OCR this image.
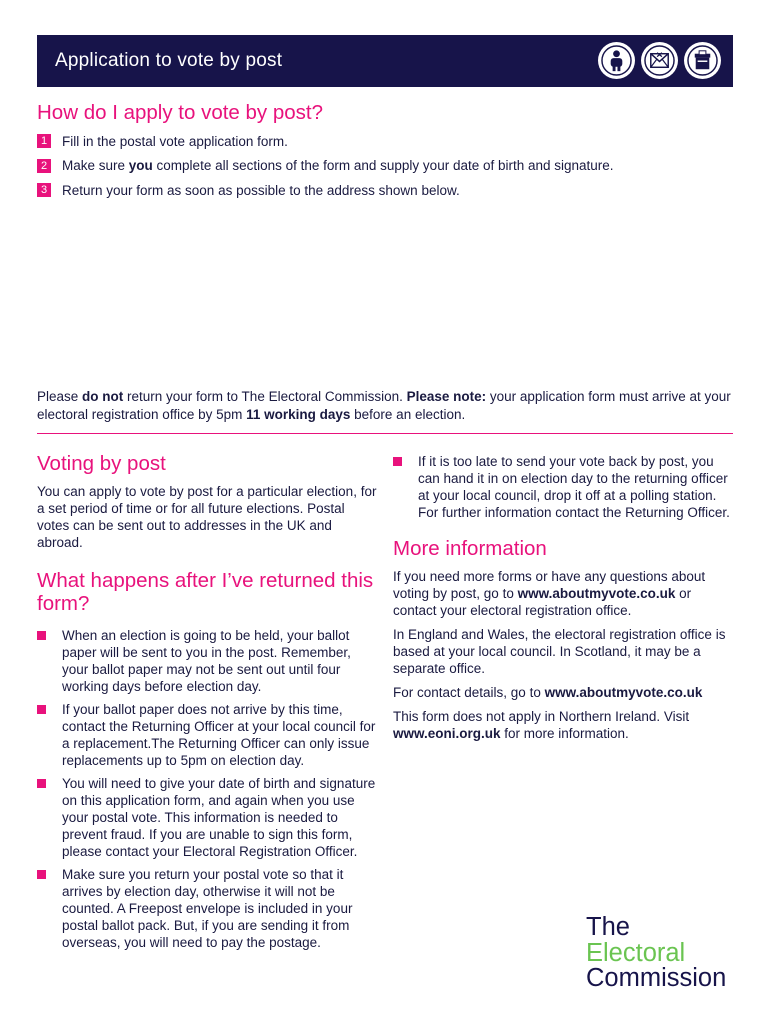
Application to vote by post
How do I apply to vote by post?
1 Fill in the postal vote application form.
2 Make sure you complete all sections of the form and supply your date of birth and signature.
3 Return your form as soon as possible to the address shown below.

Please do not return your form to The Electoral Commission. Please note: your application form must arrive at your electoral registration office by 5pm 11 working days before an election.

Voting by post

You can apply to vote by post for a particular election, for a set period of time or for all future elections. Postal votes can be sent out to addresses in the UK and abroad.

What happens after I’ve returned this form?
When an election is going to be held, your ballot paper will be sent to you in the post. Remember, your ballot paper may not be sent out until four working days before election day.
If your ballot paper does not arrive by this time, contact the Returning Officer at your local council for a replacement.The Returning Officer can only issue replacements up to 5pm on election day.
You will need to give your date of birth and signature on this application form, and again when you use your postal vote. This information is needed to prevent fraud. If you are unable to sign this form, please contact your Electoral Registration Officer.
Make sure you return your postal vote so that it arrives by election day, otherwise it will not be counted. A Freepost envelope is included in your postal ballot pack. But, if you are sending it from overseas, you will need to pay the postage.
If it is too late to send your vote back by post, you can hand it in on election day to the returning officer at your local council, drop it off at a polling station. For further information contact the Returning Officer.
More information

If you need more forms or have any questions about voting by post, go to www.aboutmyvote.co.uk or contact your electoral registration office.

In England and Wales, the electoral registration office is based at your local council. In Scotland, it may be a separate office.

For contact details, go to www.aboutmyvote.co.uk

This form does not apply in Northern Ireland. Visit www.eoni.org.uk for more information.

The
Electoral
Commission
